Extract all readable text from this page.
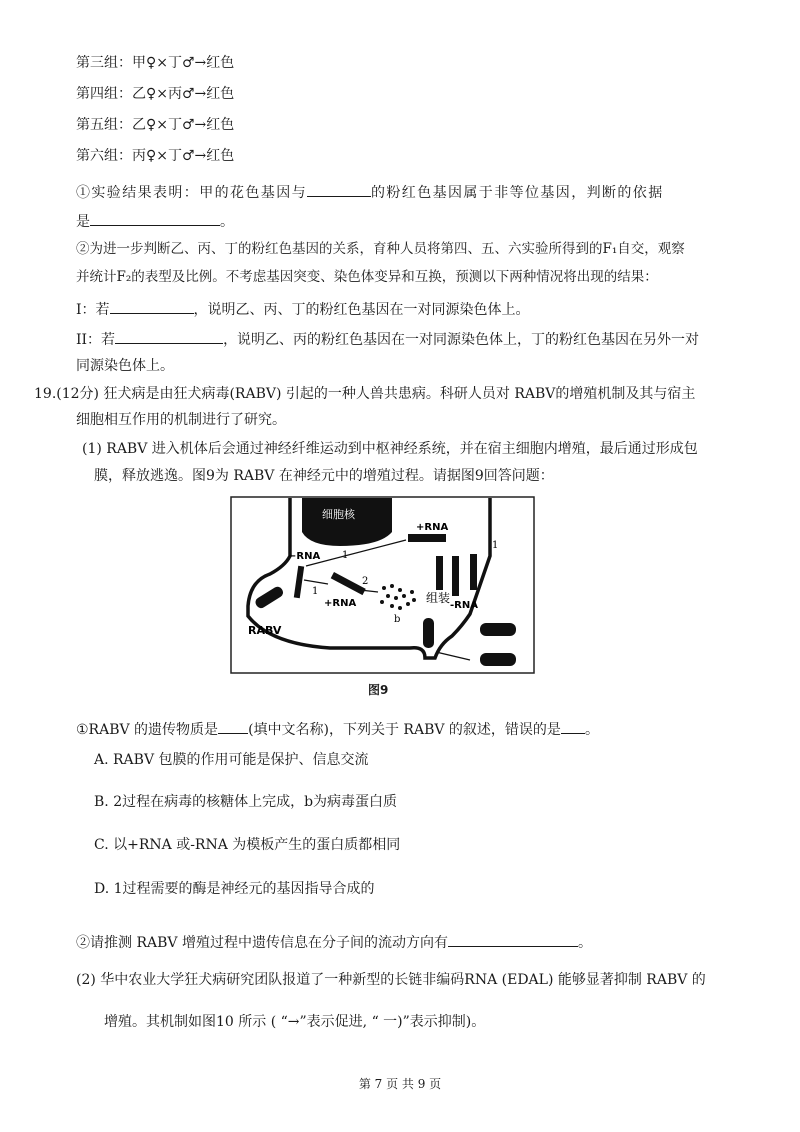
第三组：甲♀×丁♂→红色
第四组：乙♀×丙♂→红色
第五组：乙♀×丁♂→红色
第六组：丙♀×丁♂→红色
①实验结果表明：甲的花色基因与	的粉红色基因属于非等位基因，判断的依据
是	。
②为进一步判断乙、丙、丁的粉红色基因的关系，育种人员将第四、五、六实验所得到的F₁自交，观察
并统计F₂的表型及比例。不考虑基因突变、染色体变异和互换，预测以下两种情况将出现的结果：
I：若	，说明乙、丙、丁的粉红色基因在一对同源染色体上。
II：若	，说明乙、丙的粉红色基因在一对同源染色体上，丁的粉红色基因在另外一对
同源染色体上。
19.(12分) 狂犬病是由狂犬病毒(RABV) 引起的一种人兽共患病。科研人员对 RABV的增殖机制及其与宿主
细胞相互作用的机制进行了研究。
(1) RABV 进入机体后会通过神经纤维运动到中枢神经系统，并在宿主细胞内增殖，最后通过形成包
膜，释放逃逸。图9为 RABV 在神经元中的增殖过程。请据图9回答问题：
细胞核
+RNA
−RNA
+RNA
1
1
2
1
b
组装
-RNA
RABV
图9
①RABV 的遗传物质是 (填中文名称)，下列关于 RABV 的叙述，错误的是 。
A. RABV 包膜的作用可能是保护、信息交流
B. 2过程在病毒的核糖体上完成，b为病毒蛋白质
C. 以+RNA 或-RNA 为模板产生的蛋白质都相同
D. 1过程需要的酶是神经元的基因指导合成的
②请推测 RABV 增殖过程中遗传信息在分子间的流动方向有	。
(2) 华中农业大学狂犬病研究团队报道了一种新型的长链非编码RNA (EDAL) 能够显著抑制 RABV 的
增殖。其机制如图10 所示 ( “→”表示促进, “ 一)”表示抑制)。
第 7 页 共 9 页
